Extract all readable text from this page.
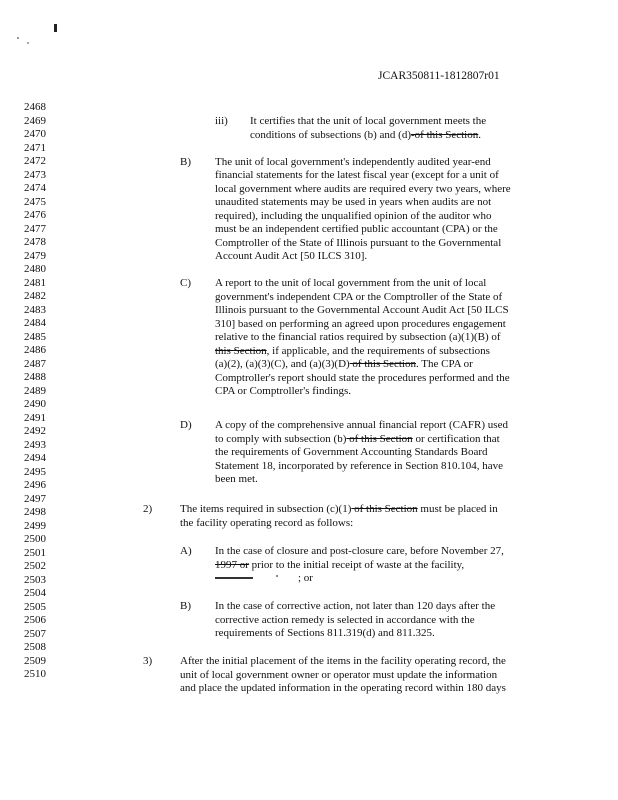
JCAR350811-1812807r01
2468
2469
2470
2471
2472
2473
2474
2475
2476
2477
2478
2479
2480
2481
2482
2483
2484
2485
2486
2487
2488
2489
2490
2491
2492
2493
2494
2495
2496
2497
2498
2499
2500
2501
2502
2503
2504
2505
2506
2507
2508
2509
2510
iii) It certifies that the unit of local government meets the
conditions of subsections (b) and (d)-of this Section.
B) The unit of local government's independently audited year-end
financial statements for the latest fiscal year (except for a unit of
local government where audits are required every two years, where
unaudited statements may be used in years when audits are not
required), including the unqualified opinion of the auditor who
must be an independent certified public accountant (CPA) or the
Comptroller of the State of Illinois pursuant to the Governmental
Account Audit Act [50 ILCS 310].
C) A report to the unit of local government from the unit of local
government's independent CPA or the Comptroller of the State of
Illinois pursuant to the Governmental Account Audit Act [50 ILCS
310] based on performing an agreed upon procedures engagement
relative to the financial ratios required by subsection (a)(1)(B) of
this Section, if applicable, and the requirements of subsections
(a)(2), (a)(3)(C), and (a)(3)(D) of this Section. The CPA or
Comptroller's report should state the procedures performed and the
CPA or Comptroller's findings.
D) A copy of the comprehensive annual financial report (CAFR) used
to comply with subsection (b) of this Section or certification that
the requirements of Government Accounting Standards Board
Statement 18, incorporated by reference in Section 810.104, have
been met.
2)	The items required in subsection (c)(1) of this Section must be placed in
the facility operating record as follows:
A) In the case of closure and post-closure care, before November 27,
1997 or prior to the initial receipt of waste at the facility,
; or
B) In the case of corrective action, not later than 120 days after the
corrective action remedy is selected in accordance with the
requirements of Sections 811.319(d) and 811.325.
3)	After the initial placement of the items in the facility operating record, the
unit of local government owner or operator must update the information
and place the updated information in the operating record within 180 days
